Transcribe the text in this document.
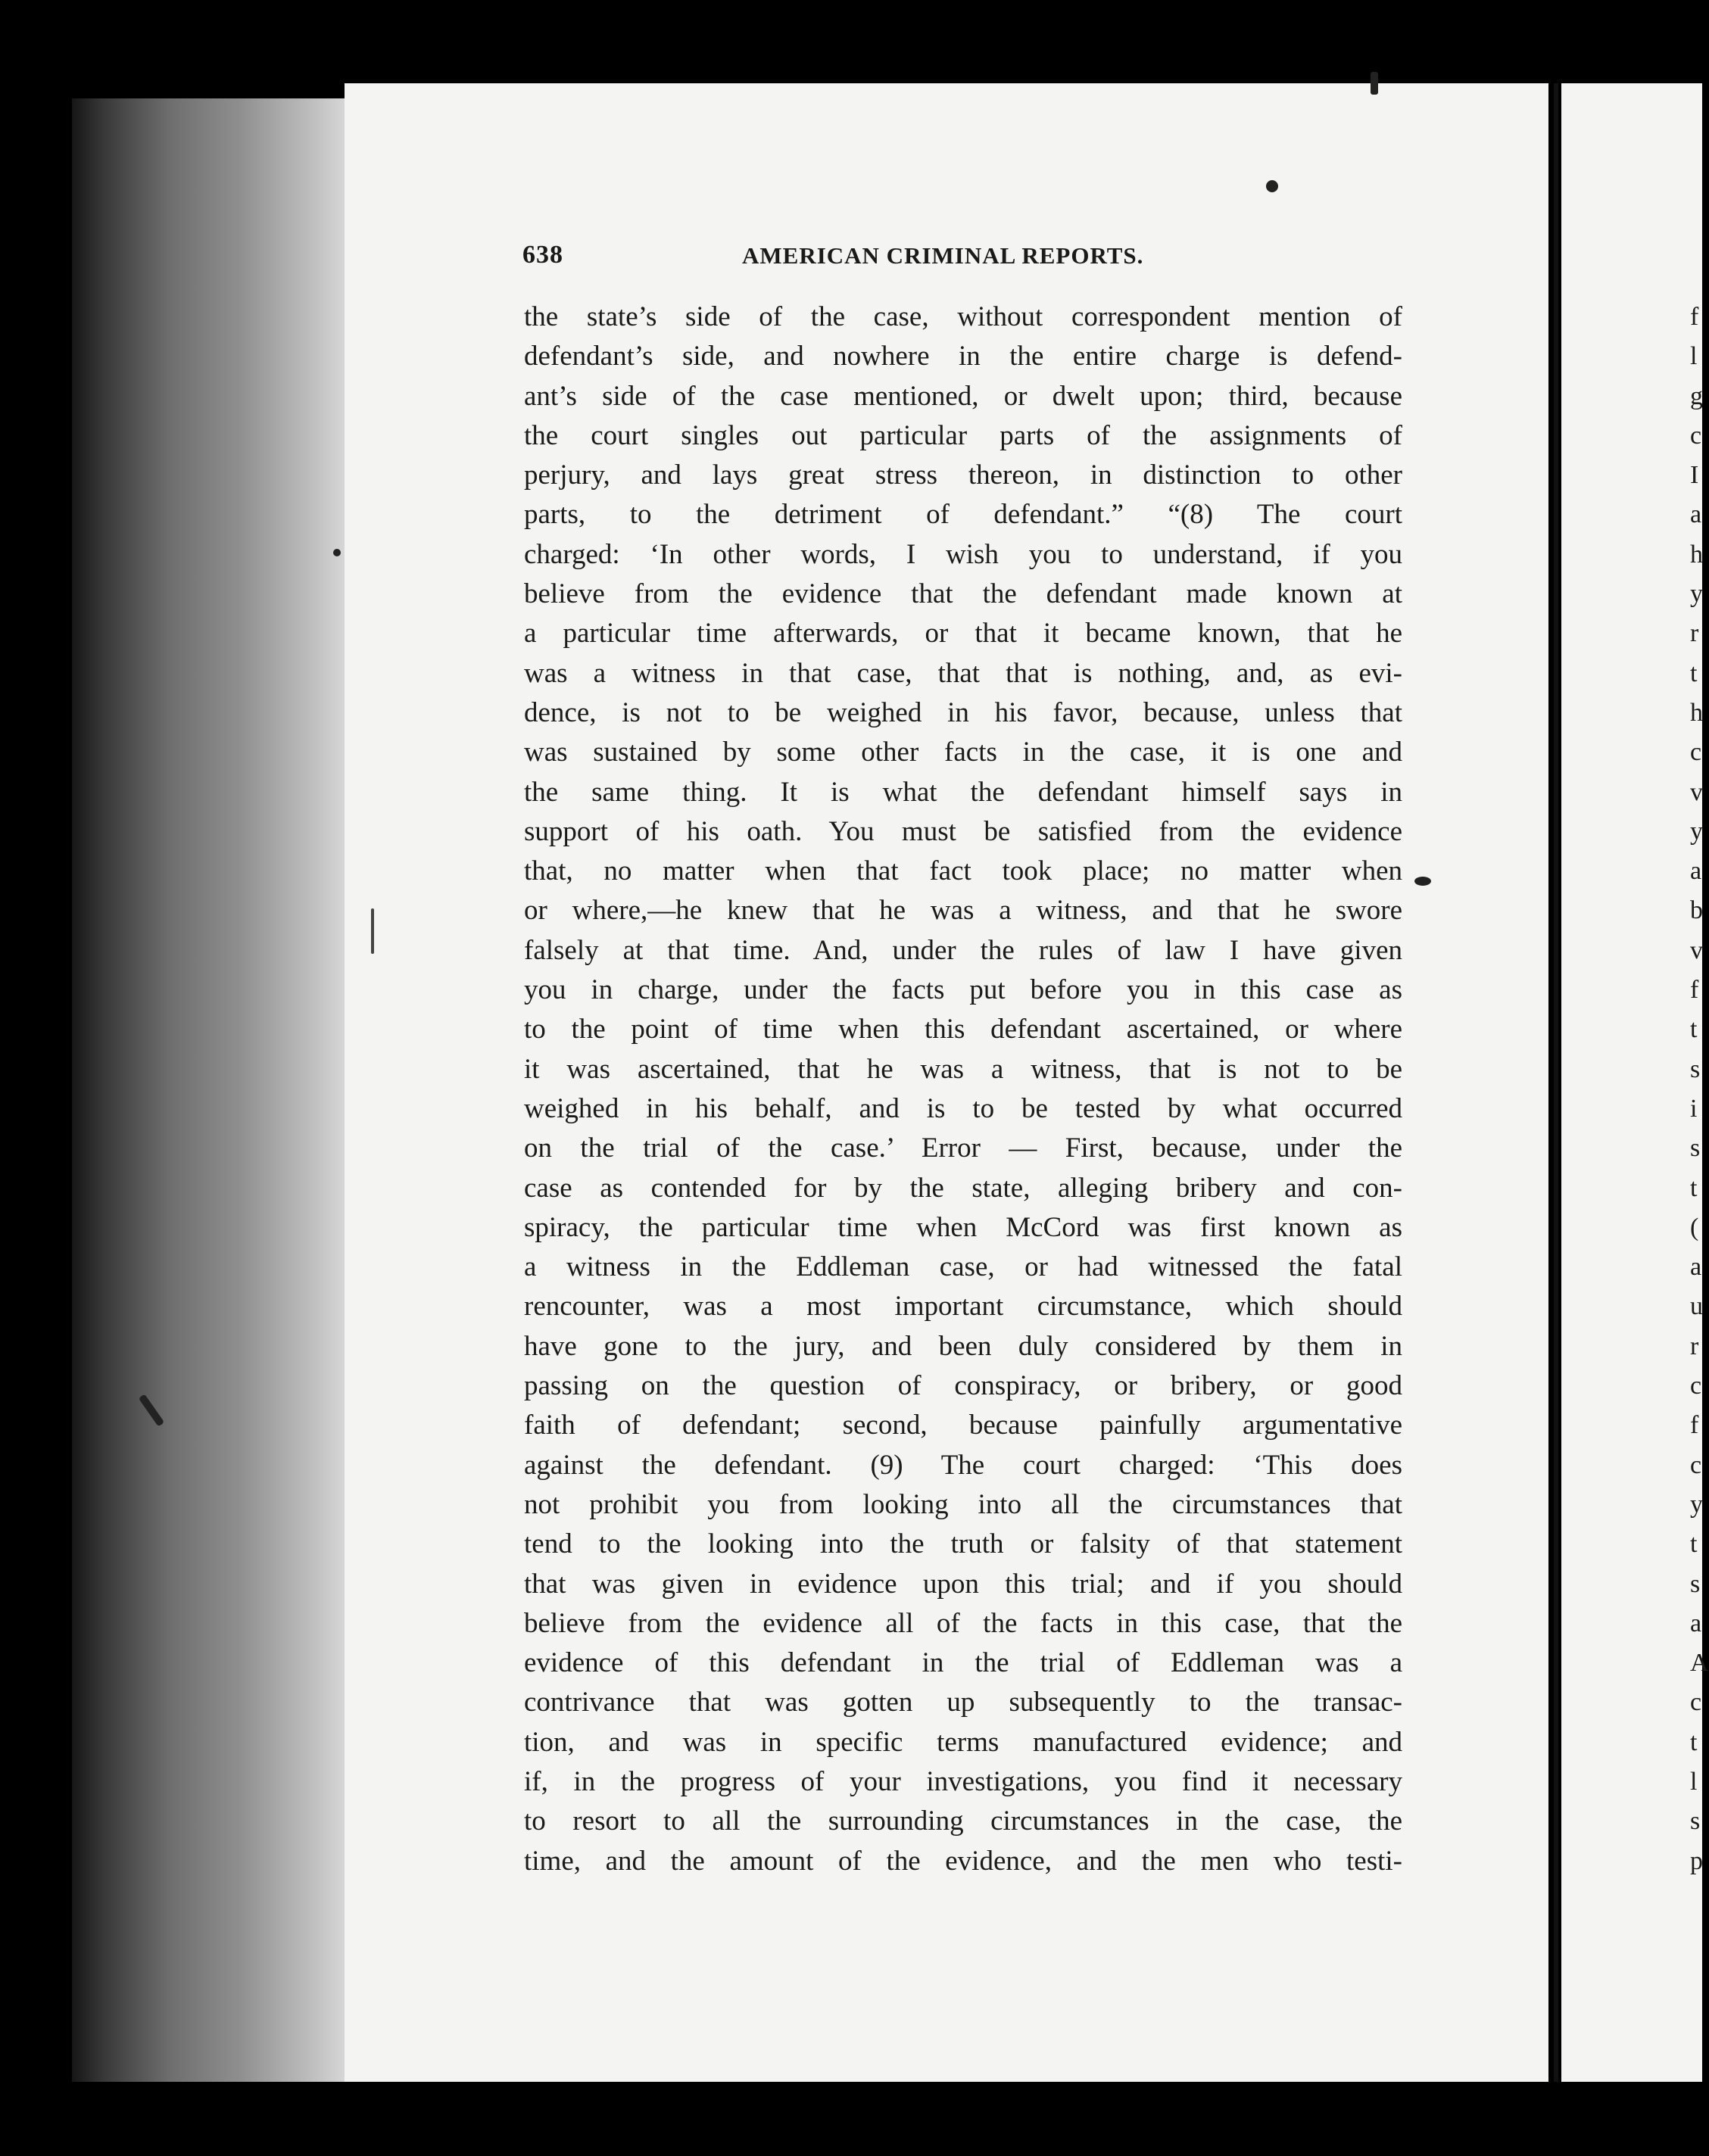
638	AMERICAN CRIMINAL REPORTS.
the state’s side of the case, without correspondent mention of
defendant’s side, and nowhere in the entire charge is defend-
ant’s side of the case mentioned, or dwelt upon; third, because
the court singles out particular parts of the assignments of
perjury, and lays great stress thereon, in distinction to other
parts, to the detriment of defendant.” “(8) The court
charged: ‘In other words, I wish you to understand, if you
believe from the evidence that the defendant made known at
a particular time afterwards, or that it became known, that he
was a witness in that case, that that is nothing, and, as evi-
dence, is not to be weighed in his favor, because, unless that
was sustained by some other facts in the case, it is one and
the same thing. It is what the defendant himself says in
support of his oath. You must be satisfied from the evidence
that, no matter when that fact took place; no matter when
or where,—he knew that he was a witness, and that he swore
falsely at that time. And, under the rules of law I have given
you in charge, under the facts put before you in this case as
to the point of time when this defendant ascertained, or where
it was ascertained, that he was a witness, that is not to be
weighed in his behalf, and is to be tested by what occurred
on the trial of the case.’ Error — First, because, under the
case as contended for by the state, alleging bribery and con-
spiracy, the particular time when McCord was first known as
a witness in the Eddleman case, or had witnessed the fatal
rencounter, was a most important circumstance, which should
have gone to the jury, and been duly considered by them in
passing on the question of conspiracy, or bribery, or good
faith of defendant; second, because painfully argumentative
against the defendant. (9) The court charged: ‘This does
not prohibit you from looking into all the circumstances that
tend to the looking into the truth or falsity of that statement
that was given in evidence upon this trial; and if you should
believe from the evidence all of the facts in this case, that the
evidence of this defendant in the trial of Eddleman was a
contrivance that was gotten up subsequently to the transac-
tion, and was in specific terms manufactured evidence; and
if, in the progress of your investigations, you find it necessary
to resort to all the surrounding circumstances in the case, the
time, and the amount of the evidence, and the men who testi-
f
l
g
c
I
a
h
y
r
t
h
c
v
y
a
b
v
f
t
s
i
s
t
(
a
u
r
c
f
c
y
t
s
a
A
c
t
l
s
p
